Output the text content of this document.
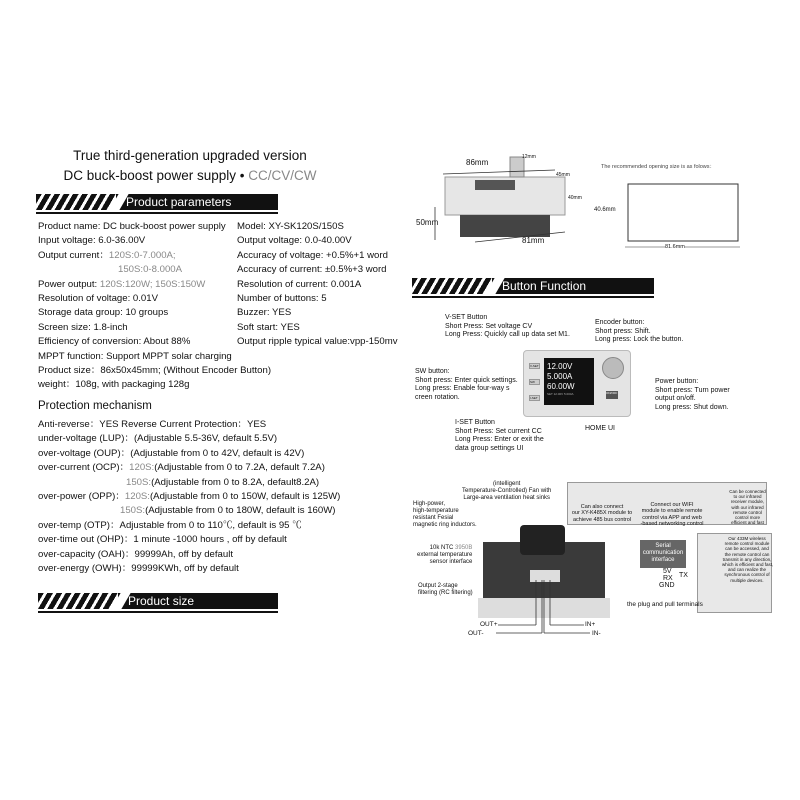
True third-generation upgraded version
DC buck-boost power supply • CC/CV/CW
Product parameters
Product name: DC buck-boost power supply
Input voltage: 6.0-36.00V
Output current：120S:0-7.000A;
150S:0-8.000A
Power output: 120S:120W; 150S:150W
Resolution of voltage: 0.01V
Storage data group: 10 groups
Screen size: 1.8-inch
Efficiency of conversion: About 88%
MPPT function: Support MPPT solar charging
Product size：86x50x45mm; (Without Encoder Button)
weight：108g, with packaging 128g
Model: XY-SK120S/150S
Output voltage: 0.0-40.00V
Accuracy of voltage: +0.5%+1 word
Accuracy of current: ±0.5%+3 word
Resolution of current: 0.001A
Number of buttons: 5
Buzzer: YES
Soft start: YES
Output ripple typical value:vpp-150mv
Protection mechanism
Anti-reverse：YES Reverse Current Protection：YES
under-voltage (LUP)：(Adjustable 5.5-36V, default 5.5V)
over-voltage (OUP)：(Adjustable from 0 to 42V, default is 42V)
over-current (OCP)：120S:(Adjustable from 0 to 7.2A, default 7.2A)
150S:(Adjustable from 0 to 8.2A, default8.2A)
over-power (OPP)：120S:(Adjustable from 0 to 150W, default is 125W)
150S:(Adjustable from 0 to 180W, default is 160W)
over-temp (OTP)：Adjustable from 0 to 110℃, default is 95 ℃
over-time out (OHP)：1 minute -1000 hours , off by default
over-capacity (OAH)：99999Ah, off by default
over-energy (OWH)：99999KWh, off by default
Product size
86mm
12mm
45mm
40mm
50mm
81mm
The recommended opening size is as folows：
40.6mm
81.6mm
Button Function
V-SET
SW
I-SET
12.00V
5.000A
60.00W
SET 12.00V 5.000A	ON/OFF
V-SET Button
Short Press: Set voltage CV
Long Press: Quickly call up data set M1.
Encoder button:
Short press: Shift.
Long press: Lock the button.
SW button:
Short press: Enter quick settings.
Long press: Enable four-way s
creen rotation.
Power button:
Short press: Turn power
output on/off.
Long press: Shut down.
I-SET Button
Short Press: Set current CC
Long Press: Enter or exit the
data group settings UI
HOME UI
(intelligent
Temperature-Controlled) Fan with
Large-area ventilation heat sinks
High-power,
high-temperature
resistant Fesial
magnetic ring inductors.
10k NTC 3950B
external temperature
sensor interface
Output 2-stage
filtering (RC filtering)
Can also connect
our XY-K485X module to
achieve 485 bus control
Connect our WIFI
module to enable remote
control via APP and web
-based networking control
Can be connected
to our infrared
receiver module,
with our infrared
remote control
control more
efficient and fast
Our 433M wireless
remote control module
can be accessed, and
the remote control can
transmit in any direction,
which is efficient and fast,
and can realize the
synchronous control of
multiple devices.
Serial
communication
interface
5V
RX TX
GND
the plug and pull terminals
OUT+
OUT-
IN+
IN-
